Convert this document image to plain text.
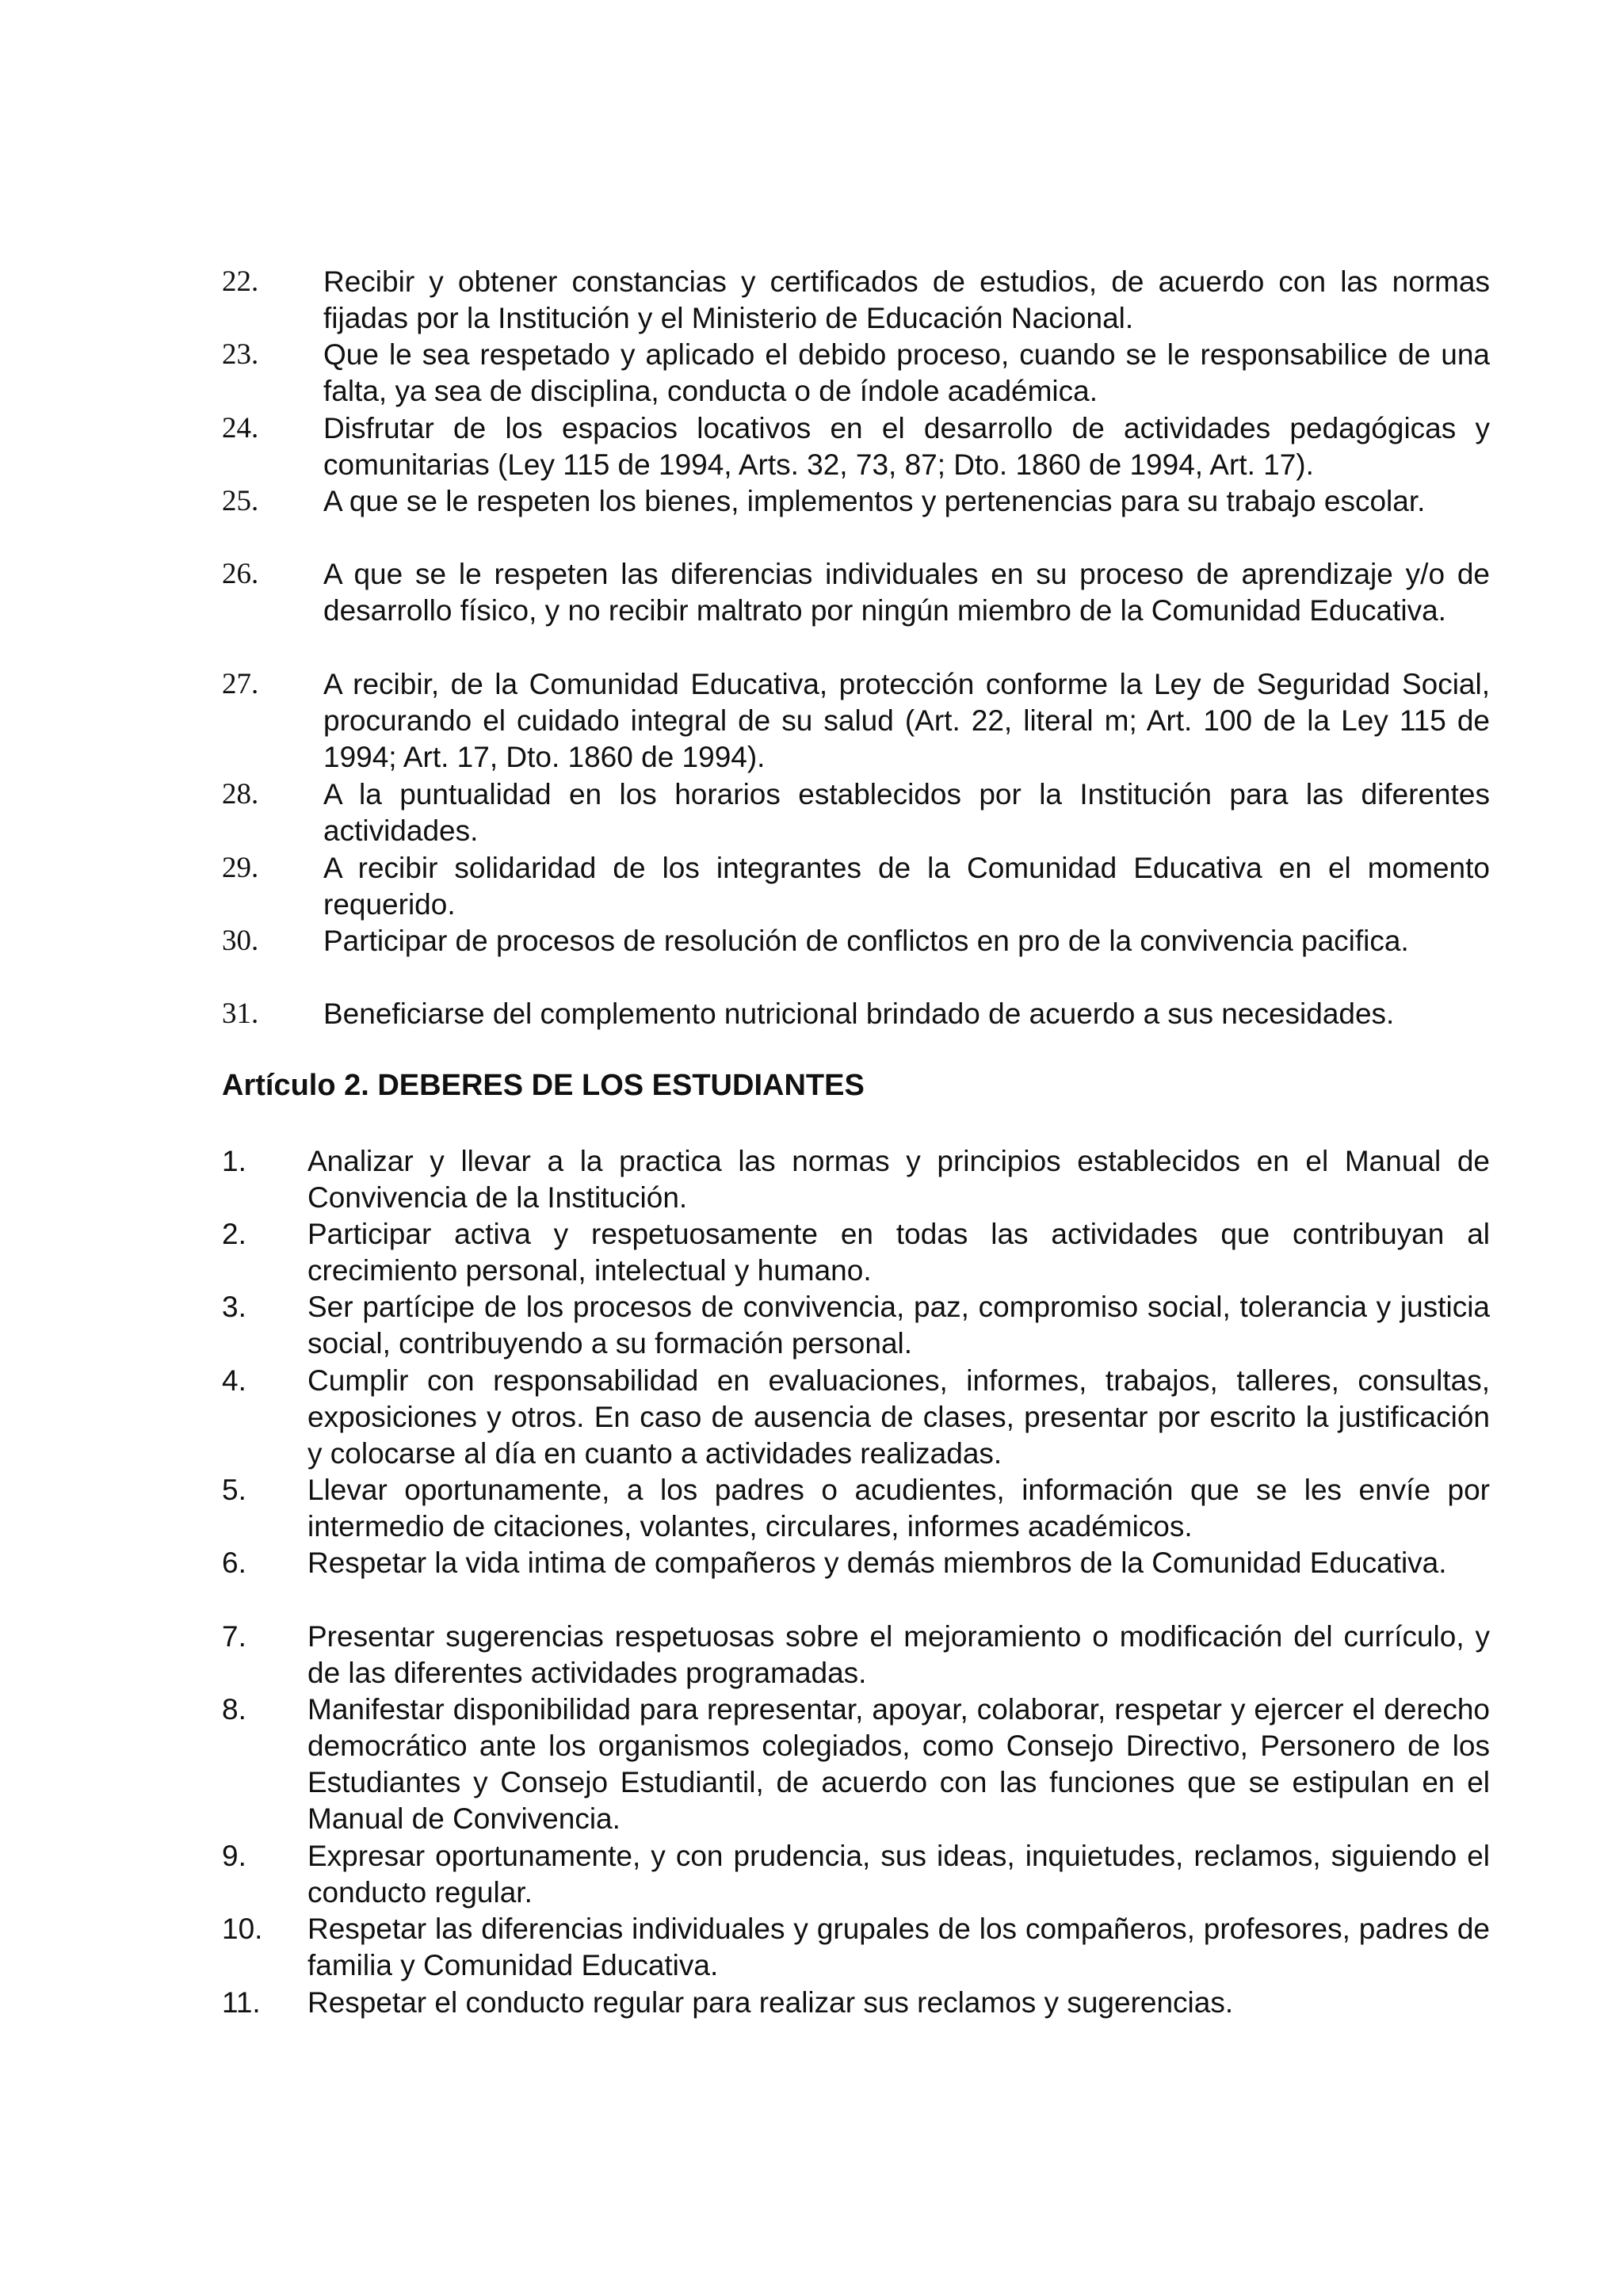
22. Recibir y obtener constancias y certificados de estudios, de acuerdo con las normas fijadas por la Institución y el Ministerio de Educación Nacional.
23. Que le sea respetado y aplicado el debido proceso, cuando se le responsabilice de una falta, ya sea de disciplina, conducta o de índole académica.
24. Disfrutar de los espacios locativos en el desarrollo de actividades pedagógicas y comunitarias (Ley 115 de 1994, Arts. 32, 73, 87; Dto. 1860 de 1994, Art. 17).
25. A que se le respeten los bienes, implementos y pertenencias para su trabajo escolar.
26. A que se le respeten las diferencias individuales en su proceso de aprendizaje y/o de desarrollo físico, y no recibir maltrato por ningún miembro de la Comunidad Educativa.
27. A recibir, de la Comunidad Educativa, protección conforme la Ley de Seguridad Social, procurando el cuidado integral de su salud (Art. 22, literal m; Art. 100 de la Ley 115 de 1994; Art. 17, Dto. 1860 de 1994).
28. A la puntualidad en los horarios establecidos por la Institución para las diferentes actividades.
29. A recibir solidaridad de los integrantes de la Comunidad Educativa en el momento requerido.
30. Participar de procesos de resolución de conflictos en pro de la convivencia pacifica.
31. Beneficiarse del complemento nutricional brindado de acuerdo a sus necesidades.
Artículo 2. DEBERES DE LOS ESTUDIANTES
1. Analizar y llevar a la practica las normas y principios establecidos en el Manual de Convivencia de la Institución.
2. Participar activa y respetuosamente en todas las actividades que contribuyan al crecimiento personal, intelectual y humano.
3. Ser partícipe de los procesos de convivencia, paz, compromiso social, tolerancia y justicia social, contribuyendo a su formación personal.
4. Cumplir con responsabilidad en evaluaciones, informes, trabajos, talleres, consultas, exposiciones y otros. En caso de ausencia de clases, presentar por escrito la justificación y colocarse al día en cuanto a actividades realizadas.
5. Llevar oportunamente, a los padres o acudientes, información que se les envíe por intermedio de citaciones, volantes, circulares, informes académicos.
6. Respetar la vida intima de compañeros y demás miembros de la Comunidad Educativa.
7. Presentar sugerencias respetuosas sobre el mejoramiento o modificación del currículo, y de las diferentes actividades programadas.
8. Manifestar disponibilidad para representar, apoyar, colaborar, respetar y ejercer el derecho democrático ante los organismos colegiados, como Consejo Directivo, Personero de los Estudiantes y Consejo Estudiantil, de acuerdo con las funciones que se estipulan en el Manual de Convivencia.
9. Expresar oportunamente, y con prudencia, sus ideas, inquietudes, reclamos, siguiendo el conducto regular.
10. Respetar las diferencias individuales y grupales de los compañeros, profesores, padres de familia y Comunidad Educativa.
11. Respetar el conducto regular para realizar sus reclamos y sugerencias.
